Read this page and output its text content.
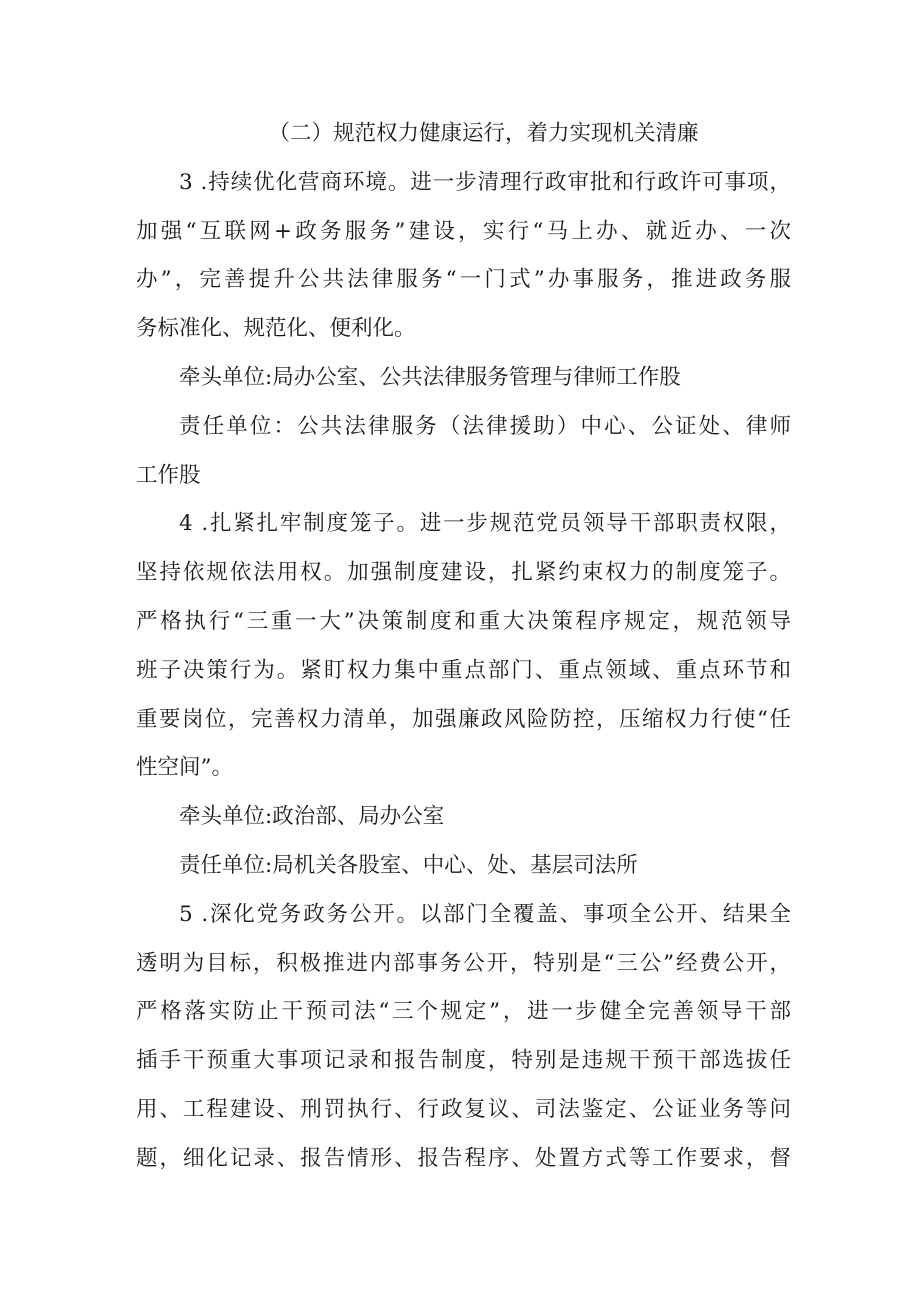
（二）规范权力健康运行，着力实现机关清廉
3 .持续优化营商环境。进一步清理行政审批和行政许可事项，
加强“互联网+政务服务”建设，实行“马上办、就近办、一次
办”，完善提升公共法律服务“一门式”办事服务，推进政务服
务标准化、规范化、便利化。
牵头单位:局办公室、公共法律服务管理与律师工作股
责任单位：公共法律服务（法律援助）中心、公证处、律师
工作股
4 .扎紧扎牢制度笼子。进一步规范党员领导干部职责权限，
坚持依规依法用权。加强制度建设，扎紧约束权力的制度笼子。
严格执行“三重一大”决策制度和重大决策程序规定，规范领导
班子决策行为。紧盯权力集中重点部门、重点领域、重点环节和
重要岗位，完善权力清单，加强廉政风险防控，压缩权力行使“任
性空间”。
牵头单位:政治部、局办公室
责任单位:局机关各股室、中心、处、基层司法所
5 .深化党务政务公开。以部门全覆盖、事项全公开、结果全
透明为目标，积极推进内部事务公开，特别是“三公”经费公开，
严格落实防止干预司法“三个规定”，进一步健全完善领导干部
插手干预重大事项记录和报告制度，特别是违规干预干部选拔任
用、工程建设、刑罚执行、行政复议、司法鉴定、公证业务等问
题，细化记录、报告情形、报告程序、处置方式等工作要求，督
